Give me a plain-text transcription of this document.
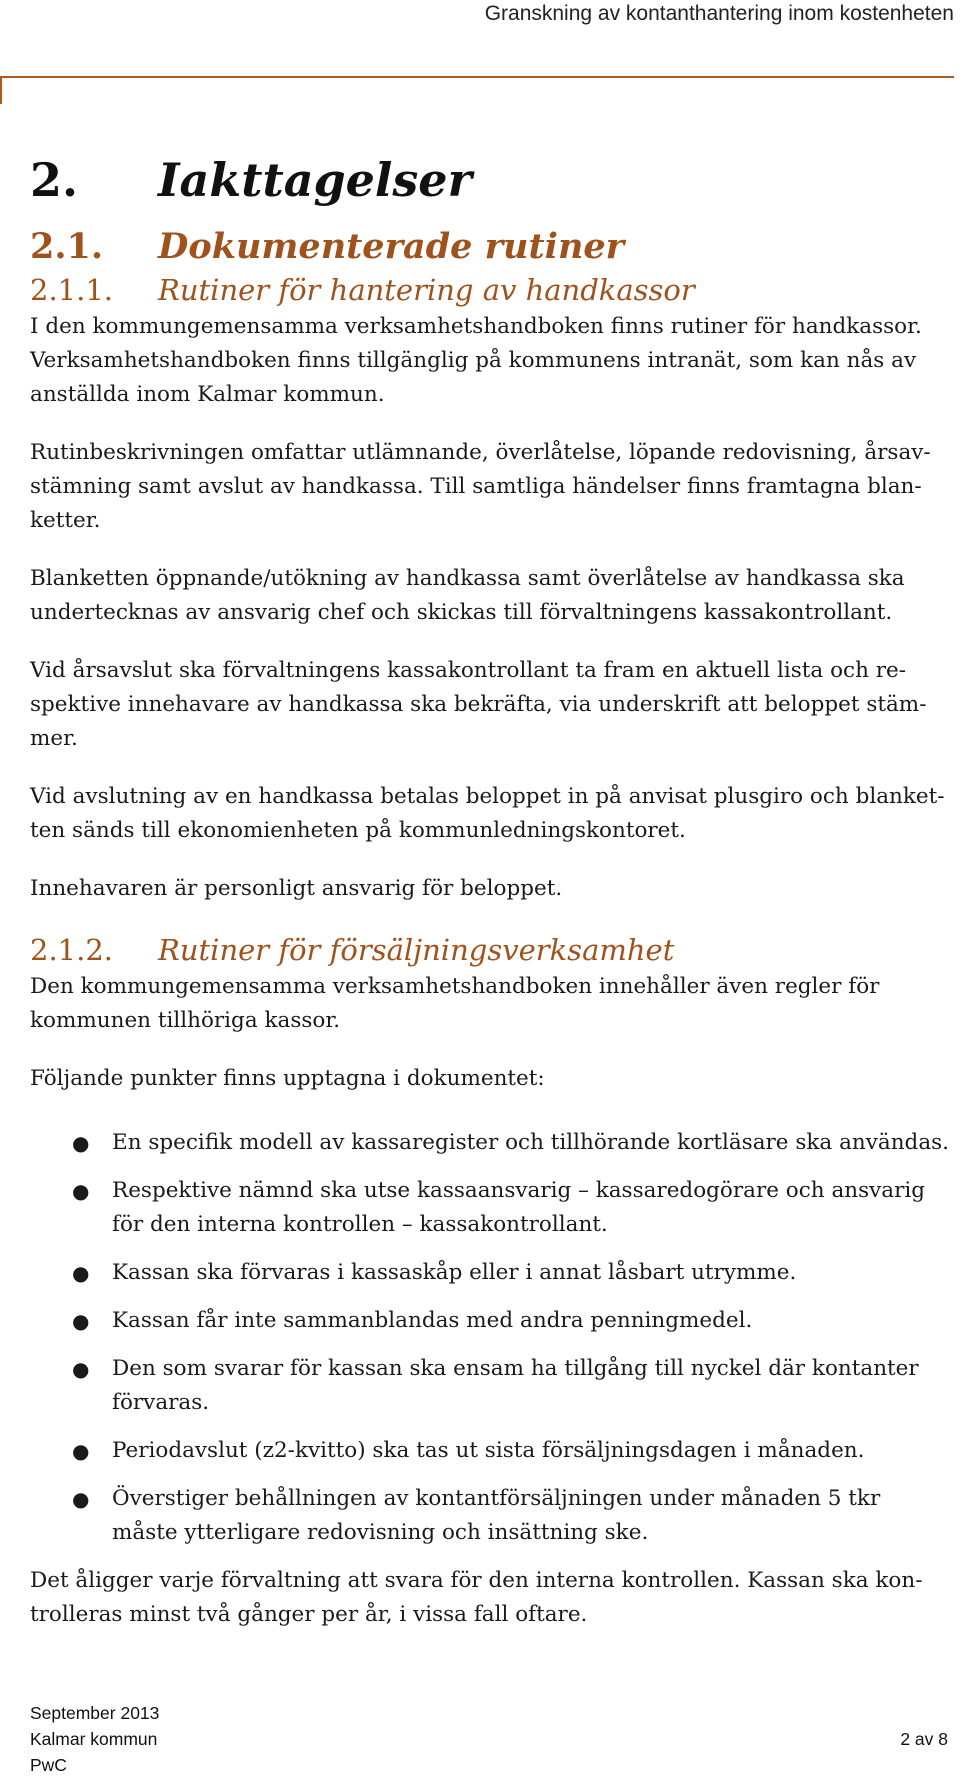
Granskning av kontanthantering inom kostenheten
2. Iakttagelser
2.1. Dokumenterade rutiner
2.1.1. Rutiner för hantering av handkassor

I den kommungemensamma verksamhetshandboken finns rutiner för handkassor. Verksamhetshandboken finns tillgänglig på kommunens intranät, som kan nås av anställda inom Kalmar kommun.

Rutinbeskrivningen omfattar utlämnande, överlåtelse, löpande redovisning, årsav-stämning samt avslut av handkassa. Till samtliga händelser finns framtagna blan-ketter.

Blanketten öppnande/utökning av handkassa samt överlåtelse av handkassa ska undertecknas av ansvarig chef och skickas till förvaltningens kassakontrollant.

Vid årsavslut ska förvaltningens kassakontrollant ta fram en aktuell lista och re-spektive innehavare av handkassa ska bekräfta, via underskrift att beloppet stäm-mer.

Vid avslutning av en handkassa betalas beloppet in på anvisat plusgiro och blanket-ten sänds till ekonomienheten på kommunledningskontoret.

Innehavaren är personligt ansvarig för beloppet.

2.1.2. Rutiner för försäljningsverksamhet

Den kommungemensamma verksamhetshandboken innehåller även regler för kommunen tillhöriga kassor.

Följande punkter finns upptagna i dokumentet:

● En specifik modell av kassaregister och tillhörande kortläsare ska användas.
● Respektive nämnd ska utse kassaansvarig – kassaredogörare och ansvarig för den interna kontrollen – kassakontrollant.
● Kassan ska förvaras i kassaskåp eller i annat låsbart utrymme.
● Kassan får inte sammanblandas med andra penningmedel.
● Den som svarar för kassan ska ensam ha tillgång till nyckel där kontanter förvaras.
● Periodavslut (z2-kvitto) ska tas ut sista försäljningsdagen i månaden.
● Överstiger behållningen av kontantförsäljningen under månaden 5 tkr måste ytterligare redovisning och insättning ske.

Det åligger varje förvaltning att svara för den interna kontrollen. Kassan ska kon-trolleras minst två gånger per år, i vissa fall oftare.

September 2013
Kalmar kommun
PwC
2 av 8
